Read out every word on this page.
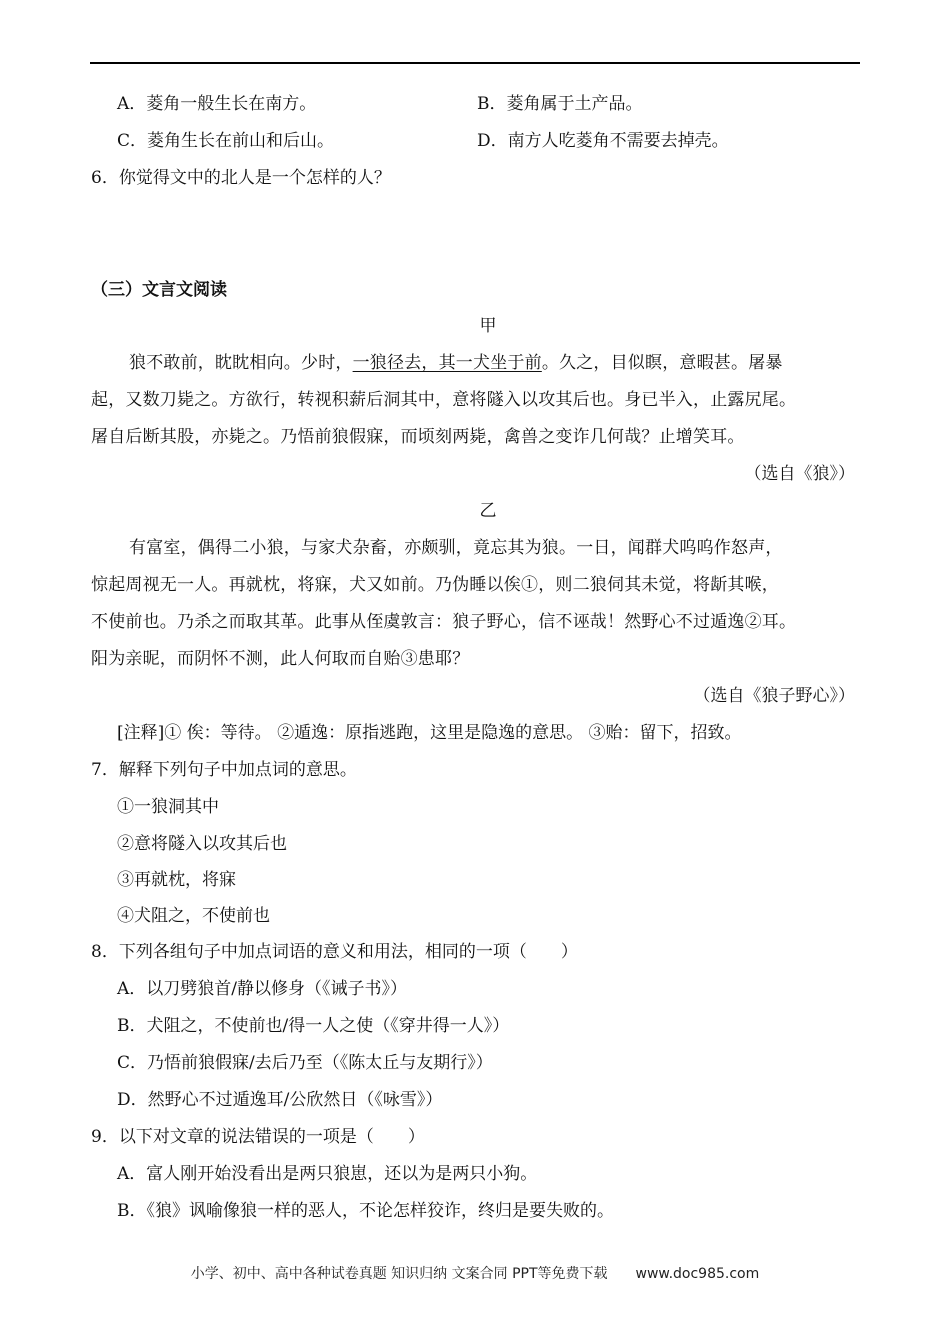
A．菱角一般生长在南方。	B．菱角属于土产品。
C．菱角生长在前山和后山。	D．南方人吃菱角不需要去掉壳。
6．你觉得文中的北人是一个怎样的人？
（三）文言文阅读
甲
狼不敢前，眈眈相向。少时，一狼径去，其一犬坐于前。久之，目似瞑，意暇甚。屠暴
起，又数刀毙之。方欲行，转视积薪后洞其中，意将隧入以攻其后也。身已半入，止露尻尾。
屠自后断其股，亦毙之。乃悟前狼假寐，而顷刻两毙，禽兽之变诈几何哉？止增笑耳。
（选自《狼》）
乙
有富室，偶得二小狼，与家犬杂畜，亦颇驯，竟忘其为狼。一日，闻群犬呜呜作怒声，
惊起周视无一人。再就枕，将寐，犬又如前。乃伪睡以俟①，则二狼伺其未觉，将龂其喉，
不使前也。乃杀之而取其革。此事从侄虞敦言：狼子野心，信不诬哉！然野心不过遁逸②耳。
阳为亲昵，而阴怀不测，此人何取而自贻③患耶？
（选自《狼子野心》）
[注释]① 俟：等待。 ②遁逸：原指逃跑，这里是隐逸的意思。 ③贻：留下，招致。
7．解释下列句子中加点词的意思。
①一狼洞其中
②意将隧入以攻其后也
③再就枕，将寐
④犬阻之，不使前也
8．下列各组句子中加点词语的意义和用法，相同的一项（　　）
A．以刀劈狼首/静以修身（《诫子书》）
B．犬阻之，不使前也/得一人之使（《穿井得一人》）
C．乃悟前狼假寐/去后乃至（《陈太丘与友期行》）
D．然野心不过遁逸耳/公欣然日（《咏雪》）
9．以下对文章的说法错误的一项是（　　）
A．富人刚开始没看出是两只狼崽，还以为是两只小狗。
B．《狼》讽喻像狼一样的恶人，不论怎样狡诈，终归是要失败的。
小学、初中、高中各种试卷真题 知识归纳 文案合同 PPT等免费下载　　www.doc985.com
